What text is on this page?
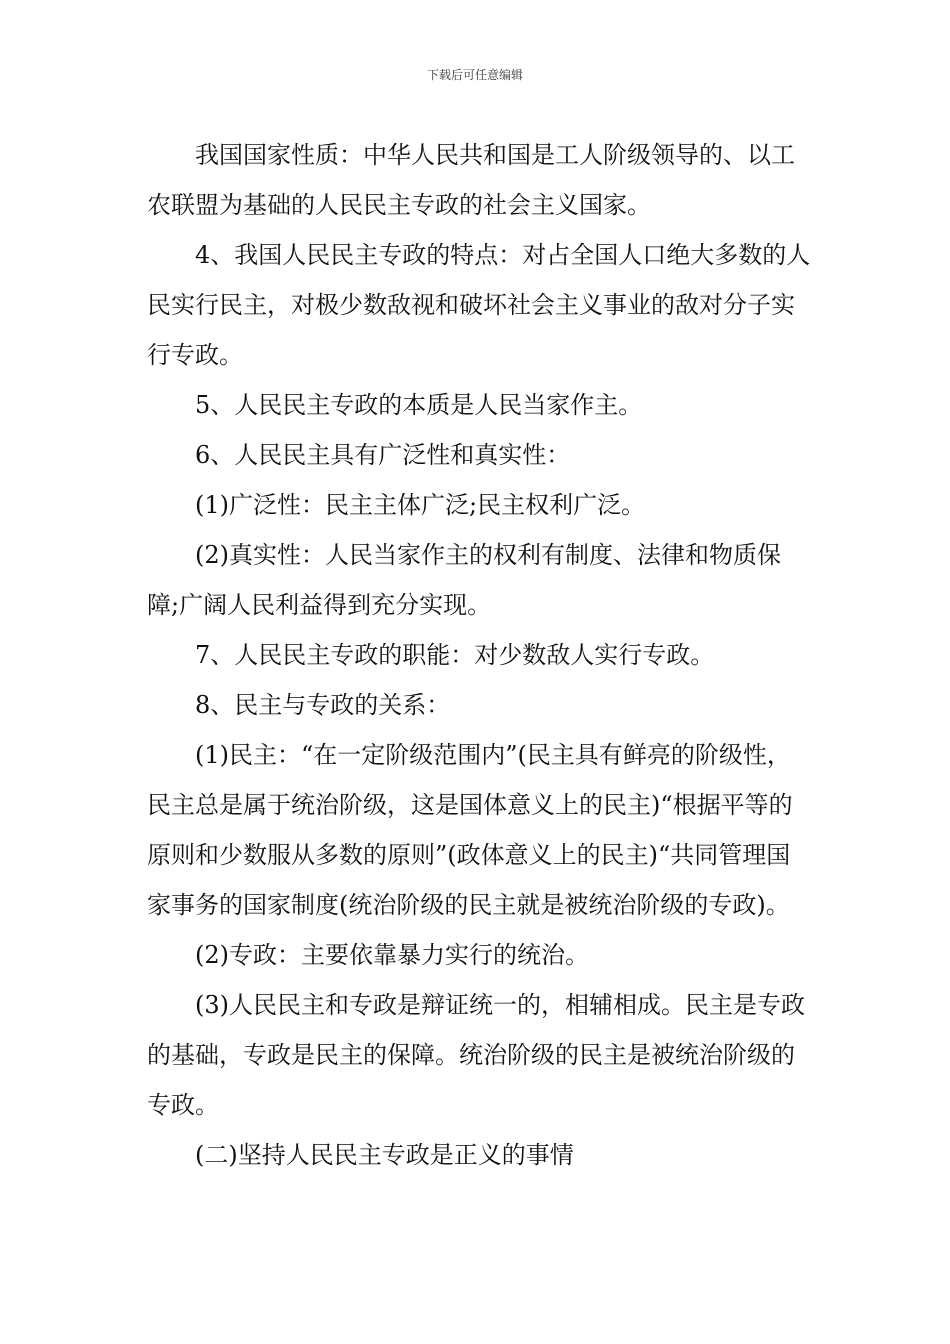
下载后可任意编辑

我国国家性质：中华人民共和国是工人阶级领导的、以工农联盟为基础的人民民主专政的社会主义国家。

4、我国人民民主专政的特点：对占全国人口绝大多数的人民实行民主，对极少数敌视和破坏社会主义事业的敌对分子实行专政。

5、人民民主专政的本质是人民当家作主。

6、人民民主具有广泛性和真实性：

(1)广泛性：民主主体广泛;民主权利广泛。

(2)真实性：人民当家作主的权利有制度、法律和物质保障;广阔人民利益得到充分实现。

7、人民民主专政的职能：对少数敌人实行专政。

8、民主与专政的关系：

(1)民主：“在一定阶级范围内”(民主具有鲜亮的阶级性，民主总是属于统治阶级，这是国体意义上的民主)“根据平等的原则和少数服从多数的原则”(政体意义上的民主)“共同管理国家事务的国家制度(统治阶级的民主就是被统治阶级的专政)。

(2)专政：主要依靠暴力实行的统治。

(3)人民民主和专政是辩证统一的，相辅相成。民主是专政的基础，专政是民主的保障。统治阶级的民主是被统治阶级的专政。

(二)坚持人民民主专政是正义的事情
